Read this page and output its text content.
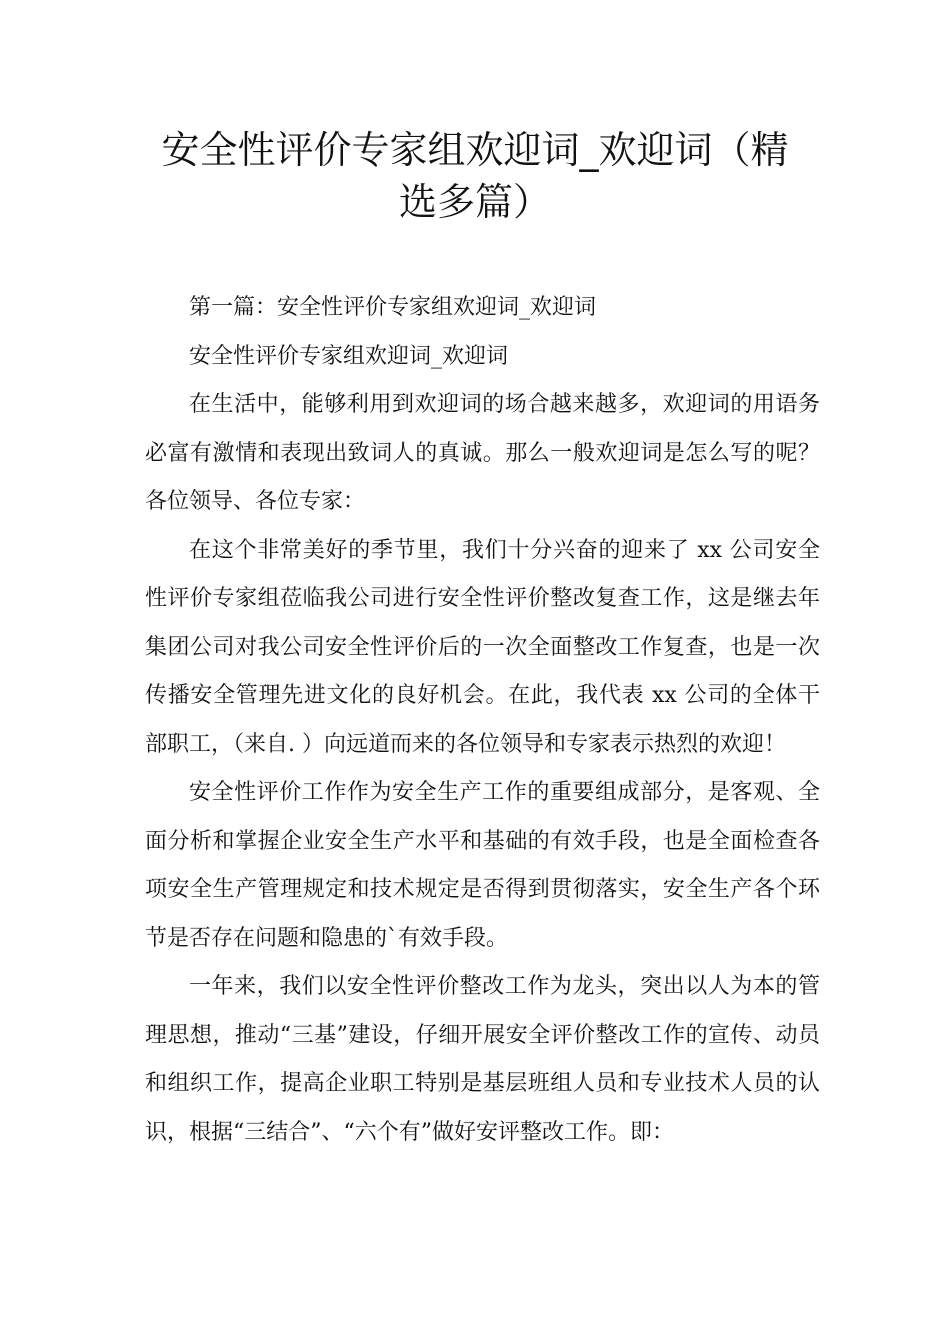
安全性评价专家组欢迎词_欢迎词（精
选多篇）

第一篇：安全性评价专家组欢迎词_欢迎词

安全性评价专家组欢迎词_欢迎词

在生活中，能够利用到欢迎词的场合越来越多，欢迎词的用语务必富有激情和表现出致词人的真诚。那么一般欢迎词是怎么写的呢？各位领导、各位专家：

在这个非常美好的季节里，我们十分兴奋的迎来了 xx 公司安全性评价专家组莅临我公司进行安全性评价整改复查工作，这是继去年集团公司对我公司安全性评价后的一次全面整改工作复查，也是一次传播安全管理先进文化的良好机会。在此，我代表 xx 公司的全体干部职工，（来自. ）向远道而来的各位领导和专家表示热烈的欢迎！

安全性评价工作作为安全生产工作的重要组成部分，是客观、全面分析和掌握企业安全生产水平和基础的有效手段，也是全面检查各项安全生产管理规定和技术规定是否得到贯彻落实，安全生产各个环节是否存在问题和隐患的`有效手段。

一年来，我们以安全性评价整改工作为龙头，突出以人为本的管理思想，推动“三基”建设，仔细开展安全评价整改工作的宣传、动员和组织工作，提高企业职工特别是基层班组人员和专业技术人员的认识，根据“三结合”、“六个有”做好安评整改工作。即：
